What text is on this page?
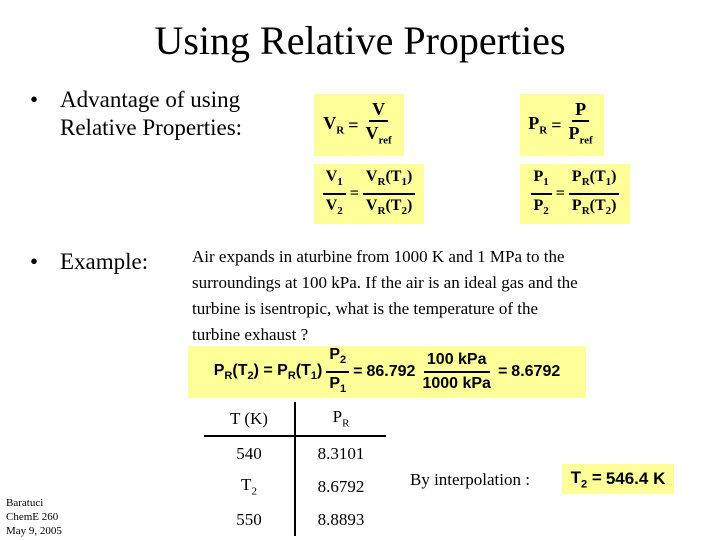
Using Relative Properties
• Advantage of using
Relative Properties:	$V_R = \frac{V}{V_{ref}}$	$P_R = \frac{P}{P_{ref}}$
$\frac{V_1}{V_2} = \frac{V_R(T_1)}{V_R(T_2)}$	$\frac{P_1}{P_2} = \frac{P_R(T_1)}{P_R(T_2)}$
• Example:	Air expands in aturbine from 1000 K and 1 MPa to the
surroundings at 100 kPa. If the air is an ideal gas and the
turbine is isentropic, what is the temperature of the
turbine exhaust ?
$P_R(T_2) = P_R(T_1) \frac{P_2}{P_1} = 86.792 \frac{\text{100 kPa}}{\text{1000 kPa}} = 8.6792$
T (K)	$P_R$
540	8.3101
$T_2$	8.6792
550	8.8893
By interpolation : $T_2 = 546.4$ K
Baratuci
ChemE 260
May 9, 2005
